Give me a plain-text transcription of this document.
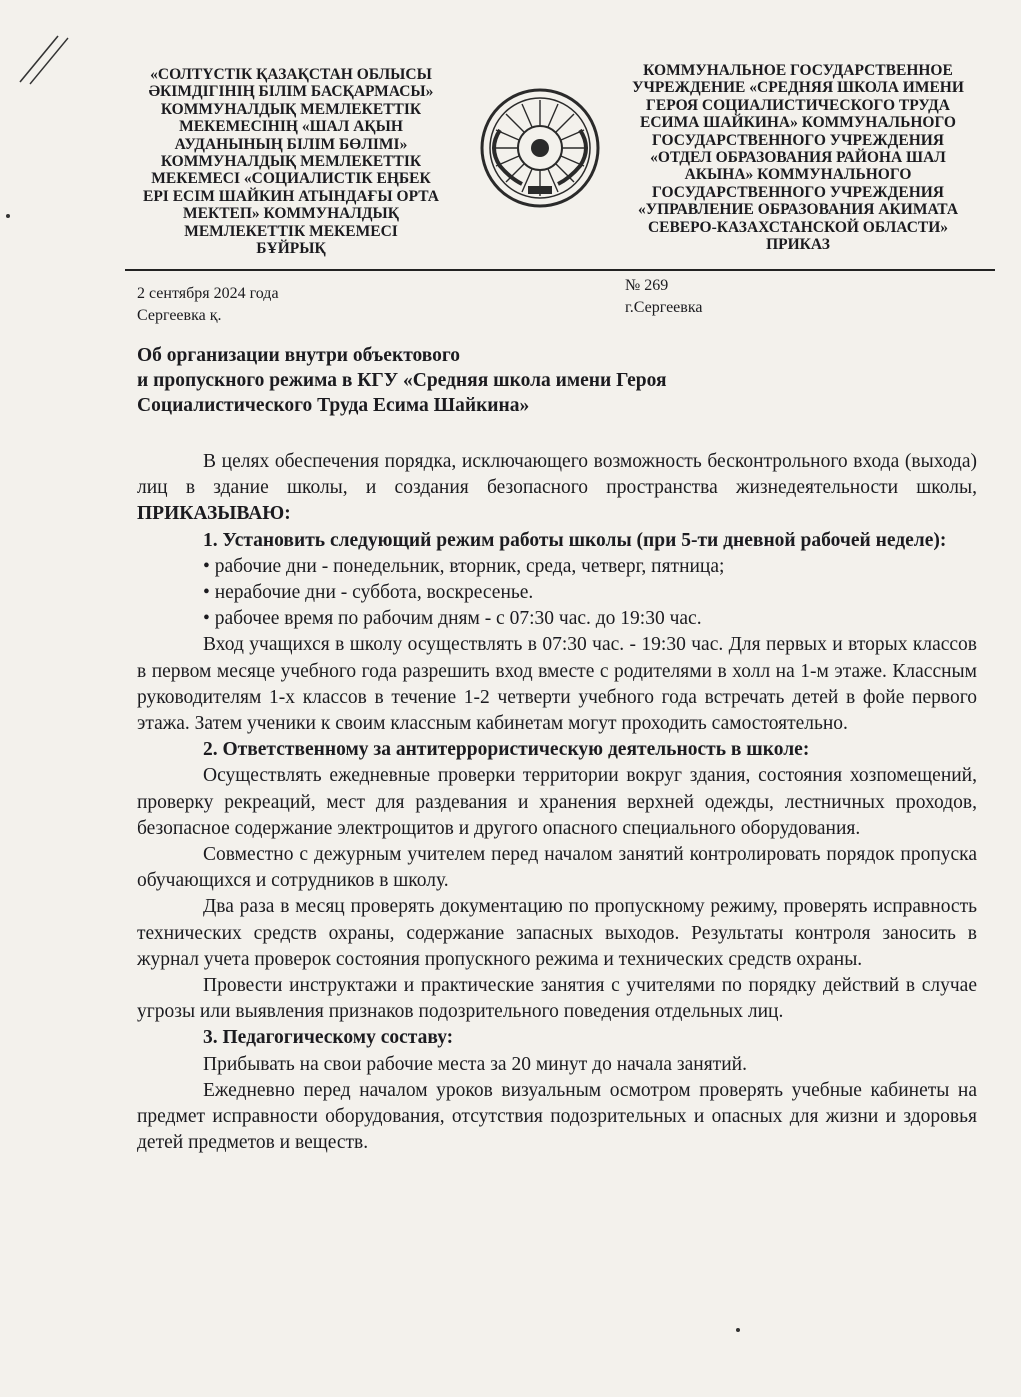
«СОЛТҮСТІК ҚАЗАҚСТАН ОБЛЫСЫ
ӘКІМДІГІНІҢ БІЛІМ БАСҚАРМАСЫ»
КОММУНАЛДЫҚ МЕМЛЕКЕТТІК
МЕКЕМЕСІНІҢ «ШАЛ АҚЫН
АУДАНЫНЫҢ БІЛІМ БӨЛІМІ»
КОММУНАЛДЫҚ МЕМЛЕКЕТТІК
МЕКЕМЕСІ «СОЦИАЛИСТІК ЕҢБЕК
ЕРІ ЕСІМ ШАЙКИН АТЫНДАҒЫ ОРТА
МЕКТЕП» КОММУНАЛДЫҚ
МЕМЛЕКЕТТІК МЕКЕМЕСІ
БҰЙРЫҚ
КОММУНАЛЬНОЕ ГОСУДАРСТВЕННОЕ
УЧРЕЖДЕНИЕ «СРЕДНЯЯ ШКОЛА ИМЕНИ
ГЕРОЯ СОЦИАЛИСТИЧЕСКОГО ТРУДА
ЕСИМА ШАЙКИНА» КОММУНАЛЬНОГО
ГОСУДАРСТВЕННОГО УЧРЕЖДЕНИЯ
«ОТДЕЛ ОБРАЗОВАНИЯ РАЙОНА ШАЛ
АКЫНА» КОММУНАЛЬНОГО
ГОСУДАРСТВЕННОГО УЧРЕЖДЕНИЯ
«УПРАВЛЕНИЕ ОБРАЗОВАНИЯ АКИМАТА
СЕВЕРО-КАЗАХСТАНСКОЙ ОБЛАСТИ»
ПРИКАЗ
2 сентября 2024 года
Сергеевка қ.
№ 269
г.Сергеевка
Об организации внутри объектового
и пропускного режима в КГУ «Средняя школа имени Героя
Социалистического Труда Есима Шайкина»

В целях обеспечения порядка, исключающего возможность бесконтрольного входа (выхода) лиц в здание школы, и создания безопасного пространства жизнедеятельности школы, ПРИКАЗЫВАЮ:

1. Установить следующий режим работы школы (при 5-ти дневной рабочей неделе):

• рабочие дни - понедельник, вторник, среда, четверг, пятница;

• нерабочие дни - суббота, воскресенье.

• рабочее время по рабочим дням - с 07:30 час. до 19:30 час.

Вход учащихся в школу осуществлять в 07:30 час. - 19:30 час. Для первых и вторых классов в первом месяце учебного года разрешить вход вместе с родителями в холл на 1-м этаже. Классным руководителям 1-х классов в течение 1-2 четверти учебного года встречать детей в фойе первого этажа. Затем ученики к своим классным кабинетам могут проходить самостоятельно.

2. Ответственному за антитеррористическую деятельность в школе:

Осуществлять ежедневные проверки территории вокруг здания, состояния хозпомещений, проверку рекреаций, мест для раздевания и хранения верхней одежды, лестничных проходов, безопасное содержание электрощитов и другого опасного специального оборудования.

Совместно с дежурным учителем перед началом занятий контролировать порядок пропуска обучающихся и сотрудников в школу.

Два раза в месяц проверять документацию по пропускному режиму, проверять исправность технических средств охраны, содержание запасных выходов. Результаты контроля заносить в журнал учета проверок состояния пропускного режима и технических средств охраны.

Провести инструктажи и практические занятия с учителями по порядку действий в случае угрозы или выявления признаков подозрительного поведения отдельных лиц.

3. Педагогическому составу:

Прибывать на свои рабочие места за 20 минут до начала занятий.

Ежедневно перед началом уроков визуальным осмотром проверять учебные кабинеты на предмет исправности оборудования, отсутствия подозрительных и опасных для жизни и здоровья детей предметов и веществ.
